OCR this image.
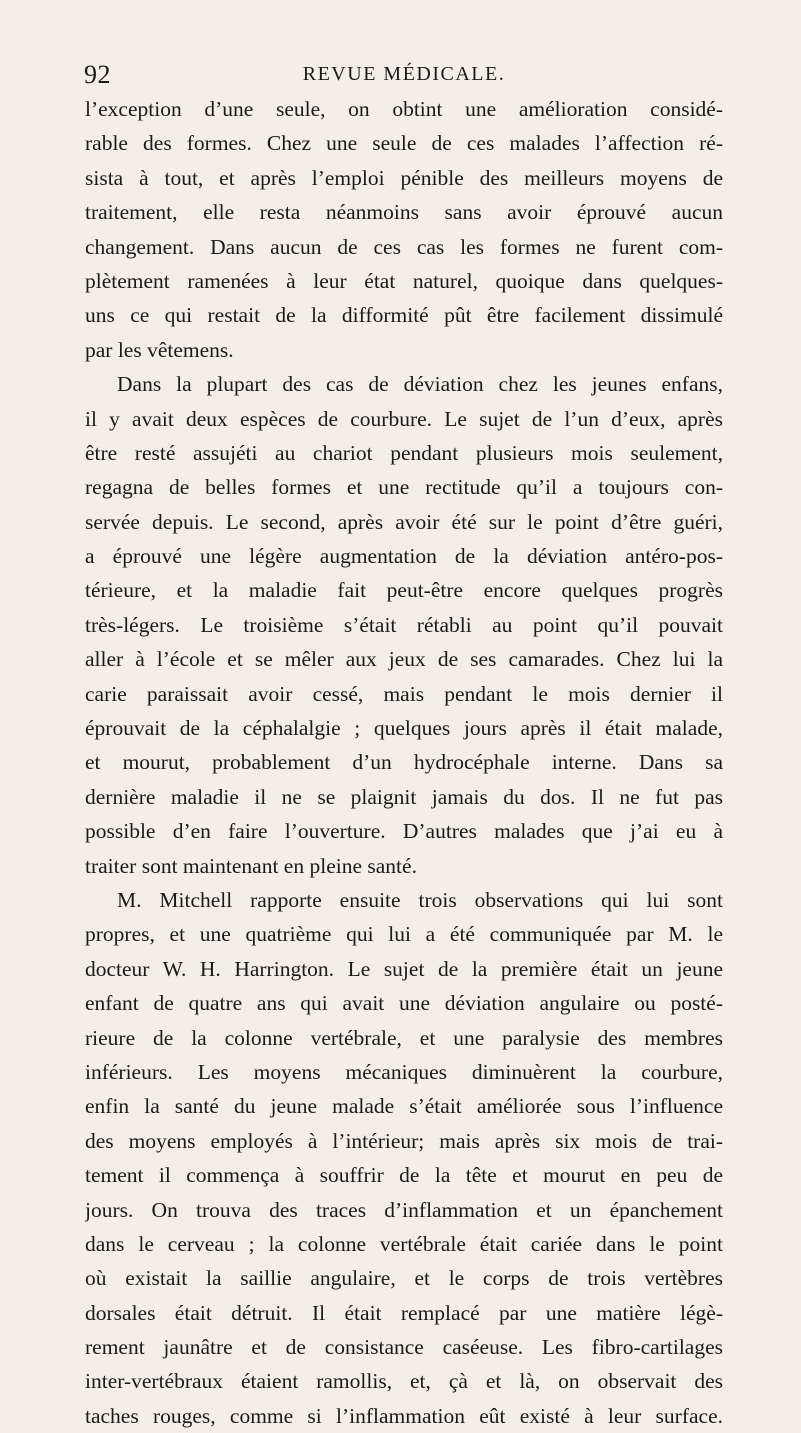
92	REVUE MÉDICALE.
l’exception d’une seule, on obtint une amélioration considé-
rable des formes. Chez une seule de ces malades l’affection ré-
sista à tout, et après l’emploi pénible des meilleurs moyens de
traitement, elle resta néanmoins sans avoir éprouvé aucun
changement. Dans aucun de ces cas les formes ne furent com-
plètement ramenées à leur état naturel, quoique dans quelques-
uns ce qui restait de la difformité pût être facilement dissimulé
par les vêtemens.
Dans la plupart des cas de déviation chez les jeunes enfans,
il y avait deux espèces de courbure. Le sujet de l’un d’eux, après
être resté assujéti au chariot pendant plusieurs mois seulement,
regagna de belles formes et une rectitude qu’il a toujours con-
servée depuis. Le second, après avoir été sur le point d’être guéri,
a éprouvé une légère augmentation de la déviation antéro-pos-
térieure, et la maladie fait peut-être encore quelques progrès
très-légers. Le troisième s’était rétabli au point qu’il pouvait
aller à l’école et se mêler aux jeux de ses camarades. Chez lui la
carie paraissait avoir cessé, mais pendant le mois dernier il
éprouvait de la céphalalgie ; quelques jours après il était malade,
et mourut, probablement d’un hydrocéphale interne. Dans sa
dernière maladie il ne se plaignit jamais du dos. Il ne fut pas
possible d’en faire l’ouverture. D’autres malades que j’ai eu à
traiter sont maintenant en pleine santé.
M. Mitchell rapporte ensuite trois observations qui lui sont
propres, et une quatrième qui lui a été communiquée par M. le
docteur W. H. Harrington. Le sujet de la première était un jeune
enfant de quatre ans qui avait une déviation angulaire ou posté-
rieure de la colonne vertébrale, et une paralysie des membres
inférieurs. Les moyens mécaniques diminuèrent la courbure,
enfin la santé du jeune malade s’était améliorée sous l’influence
des moyens employés à l’intérieur; mais après six mois de trai-
tement il commença à souffrir de la tête et mourut en peu de
jours. On trouva des traces d’inflammation et un épanchement
dans le cerveau ; la colonne vertébrale était cariée dans le point
où existait la saillie angulaire, et le corps de trois vertèbres
dorsales était détruit. Il était remplacé par une matière légè-
rement jaunâtre et de consistance caséeuse. Les fibro-cartilages
inter-vertébraux étaient ramollis, et, çà et là, on observait des
taches rouges, comme si l’inflammation eût existé à leur surface.
